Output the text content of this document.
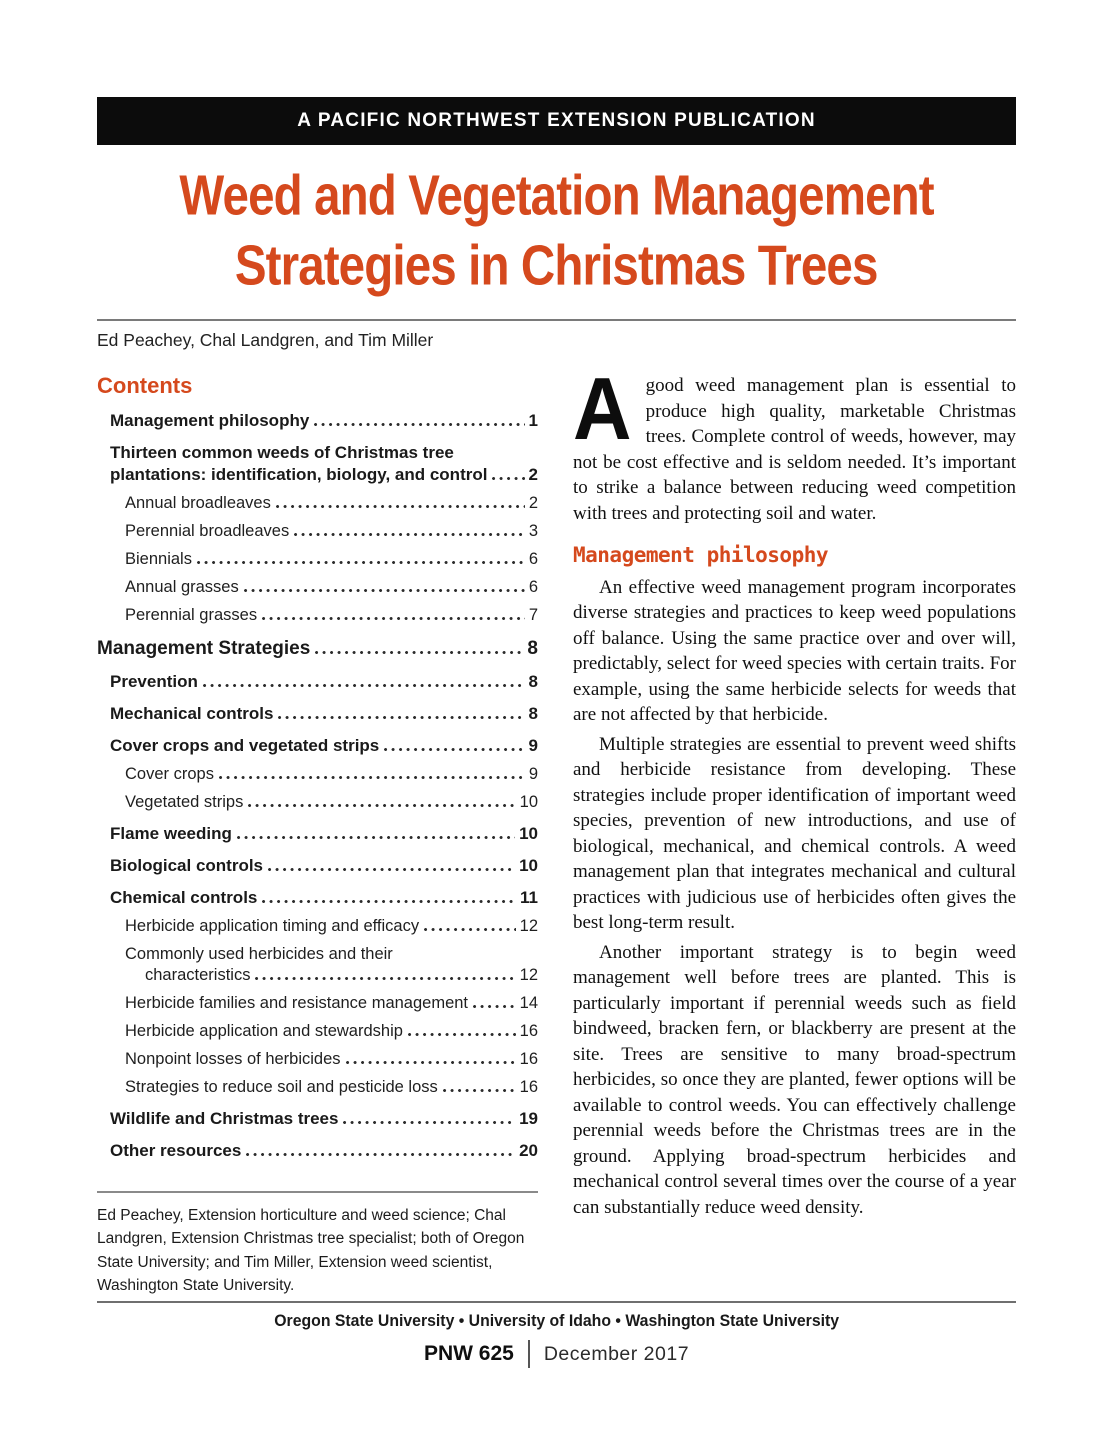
A PACIFIC NORTHWEST EXTENSION PUBLICATION
Weed and Vegetation Management
Strategies in Christmas Trees
Ed Peachey, Chal Landgren, and Tim Miller
Contents
Management philosophy	1
Thirteen common weeds of Christmas tree
plantations: identification, biology, and control 2
Annual broadleaves	2
Perennial broadleaves	3
Biennials	6
Annual grasses	6
Perennial grasses	7
Management Strategies	8
Prevention	8
Mechanical controls	8
Cover crops and vegetated strips	9
Cover crops	9
Vegetated strips	10
Flame weeding	10
Biological controls	10
Chemical controls	11
Herbicide application timing and efficacy	12
Commonly used herbicides and their
characteristics	12
Herbicide families and resistance management	14
Herbicide application and stewardship	16
Nonpoint losses of herbicides	16
Strategies to reduce soil and pesticide loss	16
Wildlife and Christmas trees	19
Other resources	20
Ed Peachey, Extension horticulture and weed science; Chal Landgren, Extension Christmas tree specialist; both of Oregon State University; and Tim Miller, Extension weed scientist, Washington State University.

Agood weed management plan is essential to produce high quality, marketable Christmas trees. Complete control of weeds, however, may not be cost effective and is seldom needed. It’s important to strike a balance between reducing weed competition with trees and protecting soil and water.

Management philosophy

An effective weed management program incorporates diverse strategies and practices to keep weed populations off balance. Using the same practice over and over will, predictably, select for weed species with certain traits. For example, using the same herbicide selects for weeds that are not affected by that herbicide.

Multiple strategies are essential to prevent weed shifts and herbicide resistance from developing. These strategies include proper identification of important weed species, prevention of new introductions, and use of biological, mechanical, and chemical controls. A weed management plan that integrates mechanical and cultural practices with judicious use of herbicides often gives the best long-term result.

Another important strategy is to begin weed management well before trees are planted. This is particularly important if perennial weeds such as field bindweed, bracken fern, or blackberry are present at the site. Trees are sensitive to many broad-spectrum herbicides, so once they are planted, fewer options will be available to control weeds. You can effectively challenge perennial weeds before the Christmas trees are in the ground. Applying broad-spectrum herbicides and mechanical control several times over the course of a year can substantially reduce weed density.

Oregon State University • University of Idaho • Washington State University
PNW 625 December 2017
